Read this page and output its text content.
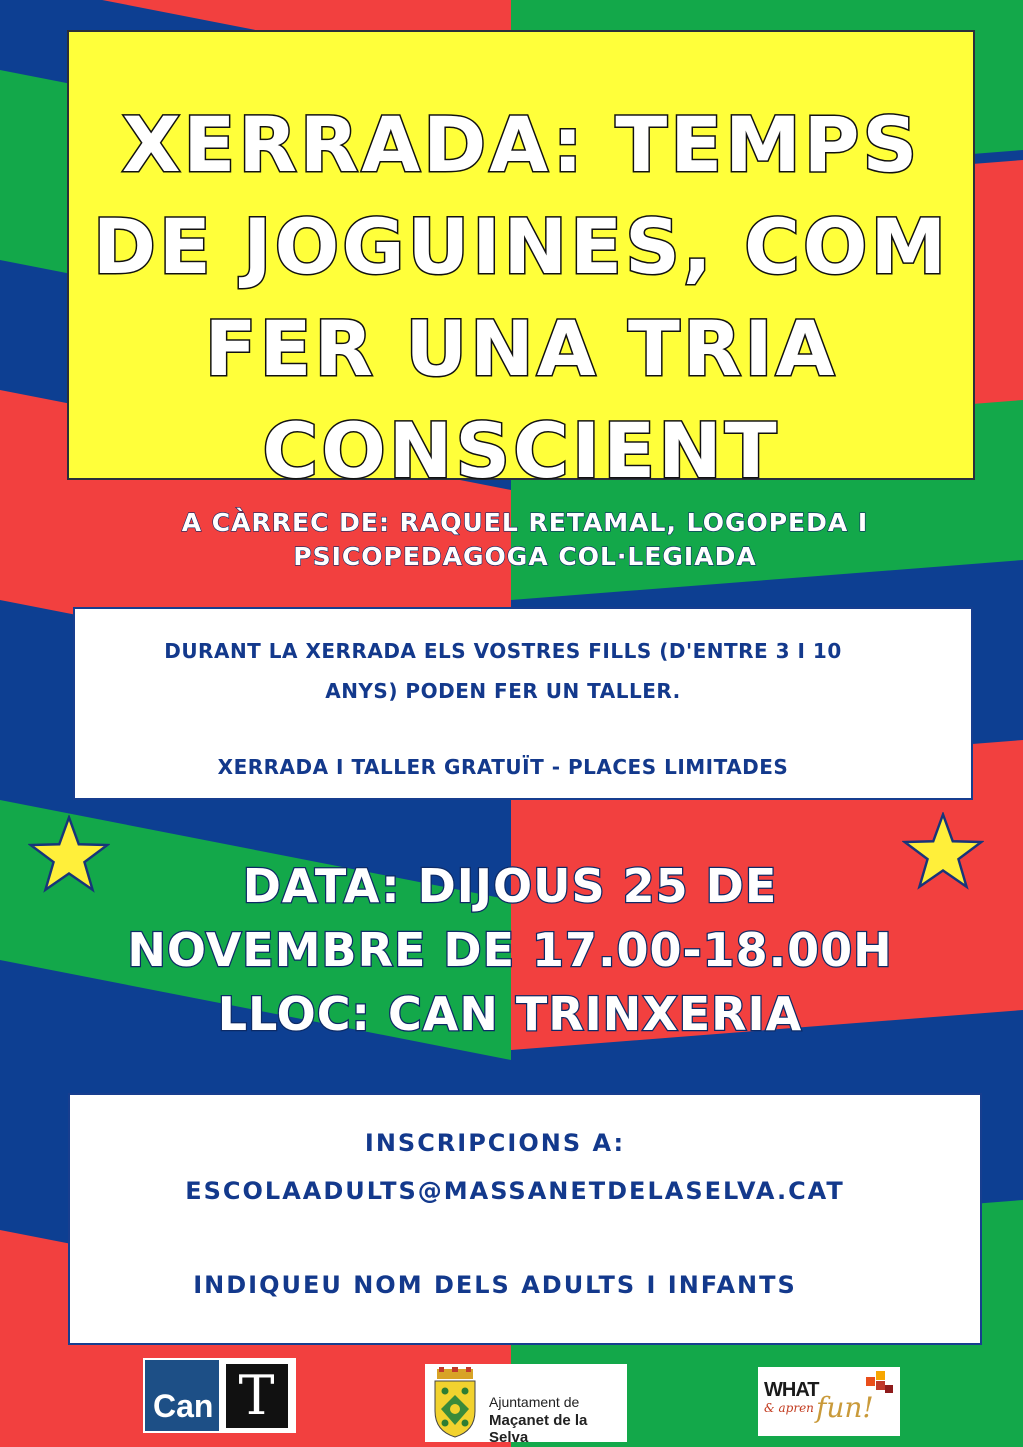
XERRADA: TEMPS
DE JOGUINES, COM
FER UNA TRIA
CONSCIENT
A CÀRREC DE: RAQUEL RETAMAL, LOGOPEDA I
PSICOPEDAGOGA COL·LEGIADA
DURANT LA XERRADA ELS VOSTRES FILLS (D'ENTRE 3 I 10
ANYS) PODEN FER UN TALLER.
XERRADA I TALLER GRATUÏT - PLACES LIMITADES
DATA: DIJOUS 25 DE
NOVEMBRE DE 17.00-18.00H
LLOC: CAN TRINXERIA
INSCRIPCIONS A:
ESCOLAADULTS@MASSANETDELASELVA.CAT
INDIQUEU NOM DELS ADULTS I INFANTS
Can T	Ajuntament de
Maçanet de la Selva
WHAT
& apren fun!
